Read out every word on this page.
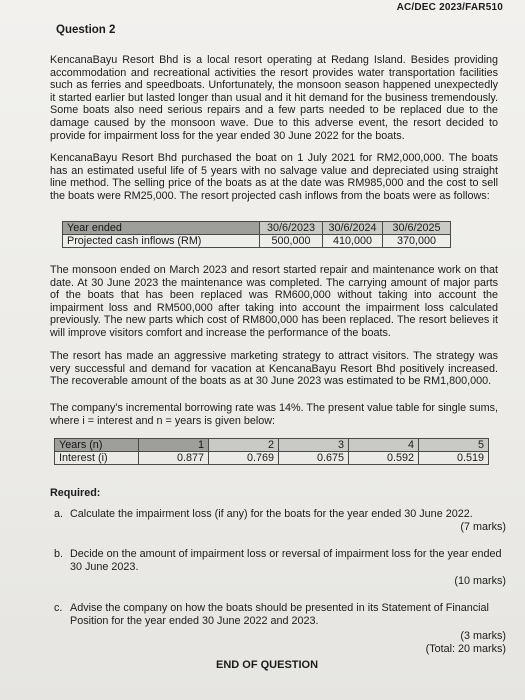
AC/DEC 2023/FAR510
Question 2

KencanaBayu Resort Bhd is a local resort operating at Redang Island. Besides providing accommodation and recreational activities the resort provides water transportation facilities such as ferries and speedboats. Unfortunately, the monsoon season happened unexpectedly it started earlier but lasted longer than usual and it hit demand for the business tremendously. Some boats also need serious repairs and a few parts needed to be replaced due to the damage caused by the monsoon wave. Due to this adverse event, the resort decided to provide for impairment loss for the year ended 30 June 2022 for the boats.

KencanaBayu Resort Bhd purchased the boat on 1 July 2021 for RM2,000,000. The boats has an estimated useful life of 5 years with no salvage value and depreciated using straight line method. The selling price of the boats as at the date was RM985,000 and the cost to sell the boats were RM25,000. The resort projected cash inflows from the boats were as follows:

Year ended	30/6/2023	30/6/2024	30/6/2025
Projected cash inflows (RM)	500,000	410,000	370,000

The monsoon ended on March 2023 and resort started repair and maintenance work on that date. At 30 June 2023 the maintenance was completed. The carrying amount of major parts of the boats that has been replaced was RM600,000 without taking into account the impairment loss and RM500,000 after taking into account the impairment loss calculated previously. The new parts which cost of RM800,000 has been replaced. The resort believes it will improve visitors comfort and increase the performance of the boats.

The resort has made an aggressive marketing strategy to attract visitors. The strategy was very successful and demand for vacation at KencanaBayu Resort Bhd positively increased. The recoverable amount of the boats as at 30 June 2023 was estimated to be RM1,800,000.

The company's incremental borrowing rate was 14%. The present value table for single sums, where i = interest and n = years is given below:

Years (n)	1	2	3	4	5
Interest (i)	0.877	0.769	0.675	0.592	0.519
Required:
a. Calculate the impairment loss (if any) for the boats for the year ended 30 June 2022.
(7 marks)
b. Decide on the amount of impairment loss or reversal of impairment loss for the year ended 30 June 2023.
(10 marks)
c. Advise the company on how the boats should be presented in its Statement of Financial Position for the year ended 30 June 2022 and 2023.
(3 marks)
(Total: 20 marks)
END OF QUESTION
